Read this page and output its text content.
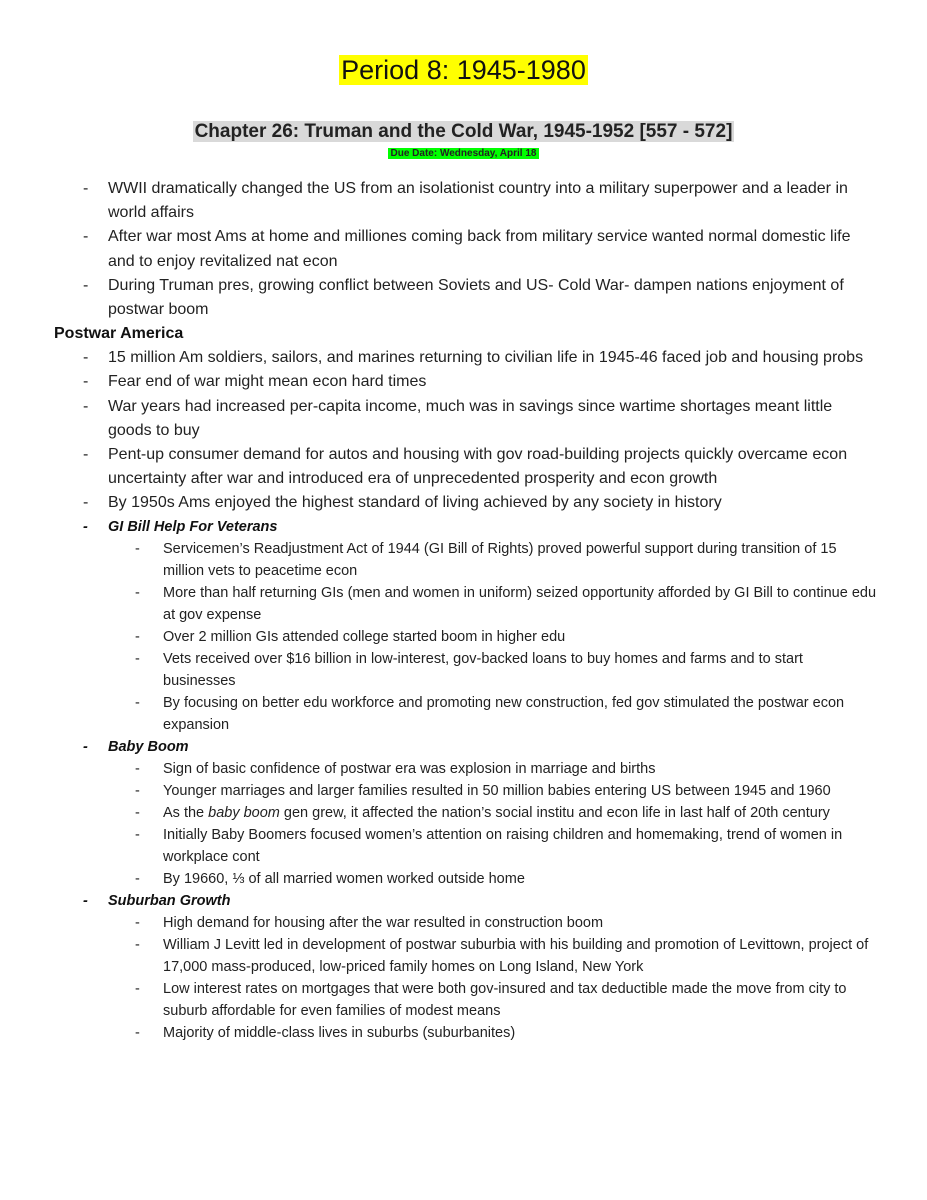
Period 8: 1945-1980
Chapter 26: Truman and the Cold War, 1945-1952 [557 - 572]
Due Date: Wednesday, April 18
- WWII dramatically changed the US from an isolationist country into a military superpower and a leader in world affairs
- After war most Ams at home and milliones coming back from military service wanted normal domestic life and to enjoy revitalized nat econ
- During Truman pres, growing conflict between Soviets and US- Cold War- dampen nations enjoyment of postwar boom
Postwar America
- 15 million Am soldiers, sailors, and marines returning to civilian life in 1945-46 faced job and housing probs
- Fear end of war might mean econ hard times
- War years had increased per-capita income, much was in savings since wartime shortages meant little goods to buy
- Pent-up consumer demand for autos and housing with gov road-building projects quickly overcame econ uncertainty after war and introduced era of unprecedented prosperity and econ growth
- By 1950s Ams enjoyed the highest standard of living achieved by any society in history
- GI Bill Help For Veterans
- Servicemen’s Readjustment Act of 1944 (GI Bill of Rights) proved powerful support during transition of 15 million vets to peacetime econ
- More than half returning GIs (men and women in uniform) seized opportunity afforded by GI Bill to continue edu at gov expense
- Over 2 million GIs attended college started boom in higher edu
- Vets received over $16 billion in low-interest, gov-backed loans to buy homes and farms and to start businesses
- By focusing on better edu workforce and promoting new construction, fed gov stimulated the postwar econ expansion
- Baby Boom
- Sign of basic confidence of postwar era was explosion in marriage and births
- Younger marriages and larger families resulted in 50 million babies entering US between 1945 and 1960
- As the baby boom gen grew, it affected the nation’s social institu and econ life in last half of 20th century
- Initially Baby Boomers focused women’s attention on raising children and homemaking, trend of women in workplace cont
- By 19660, ⅓ of all married women worked outside home
- Suburban Growth
- High demand for housing after the war resulted in construction boom
- William J Levitt led in development of postwar suburbia with his building and promotion of Levittown, project of 17,000 mass-produced, low-priced family homes on Long Island, New York
- Low interest rates on mortgages that were both gov-insured and tax deductible made the move from city to suburb affordable for even families of modest means
- Majority of middle-class lives in suburbs (suburbanites)
